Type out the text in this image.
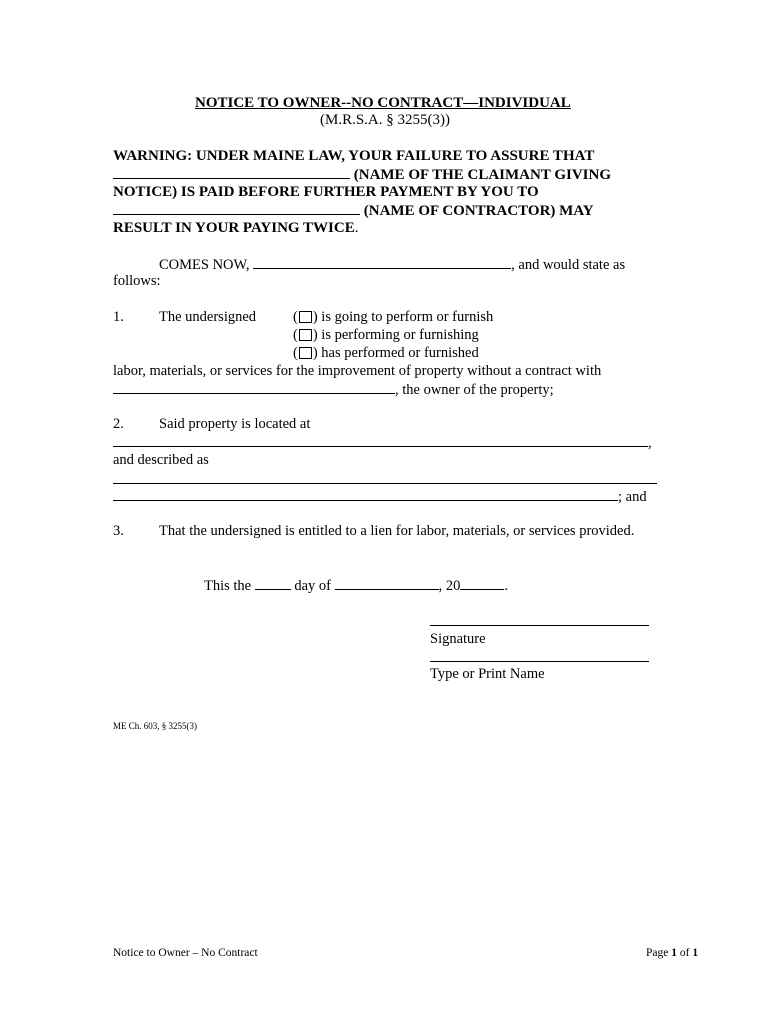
NOTICE TO OWNER--NO CONTRACT—INDIVIDUAL
(M.R.S.A. § 3255(3))
WARNING: UNDER MAINE LAW, YOUR FAILURE TO ASSURE THAT
(NAME OF THE CLAIMANT GIVING
NOTICE) IS PAID BEFORE FURTHER PAYMENT BY YOU TO
(NAME OF CONTRACTOR) MAY
RESULT IN YOUR PAYING TWICE.
COMES NOW,	, and would state as
follows:
1. The undersigned	( ) is going to perform or furnish
( ) is performing or furnishing
( ) has performed or furnished
labor, materials, or services for the improvement of property without a contract with
, the owner of the property;
2. Said property is located at
,
and described as
; and
3. That the undersigned is entitled to a lien for labor, materials, or services provided.
This the	day of	, 20	.
Signature
Type or Print Name
ME Ch. 603, § 3255(3)
Notice to Owner – No Contract	Page 1 of 1
